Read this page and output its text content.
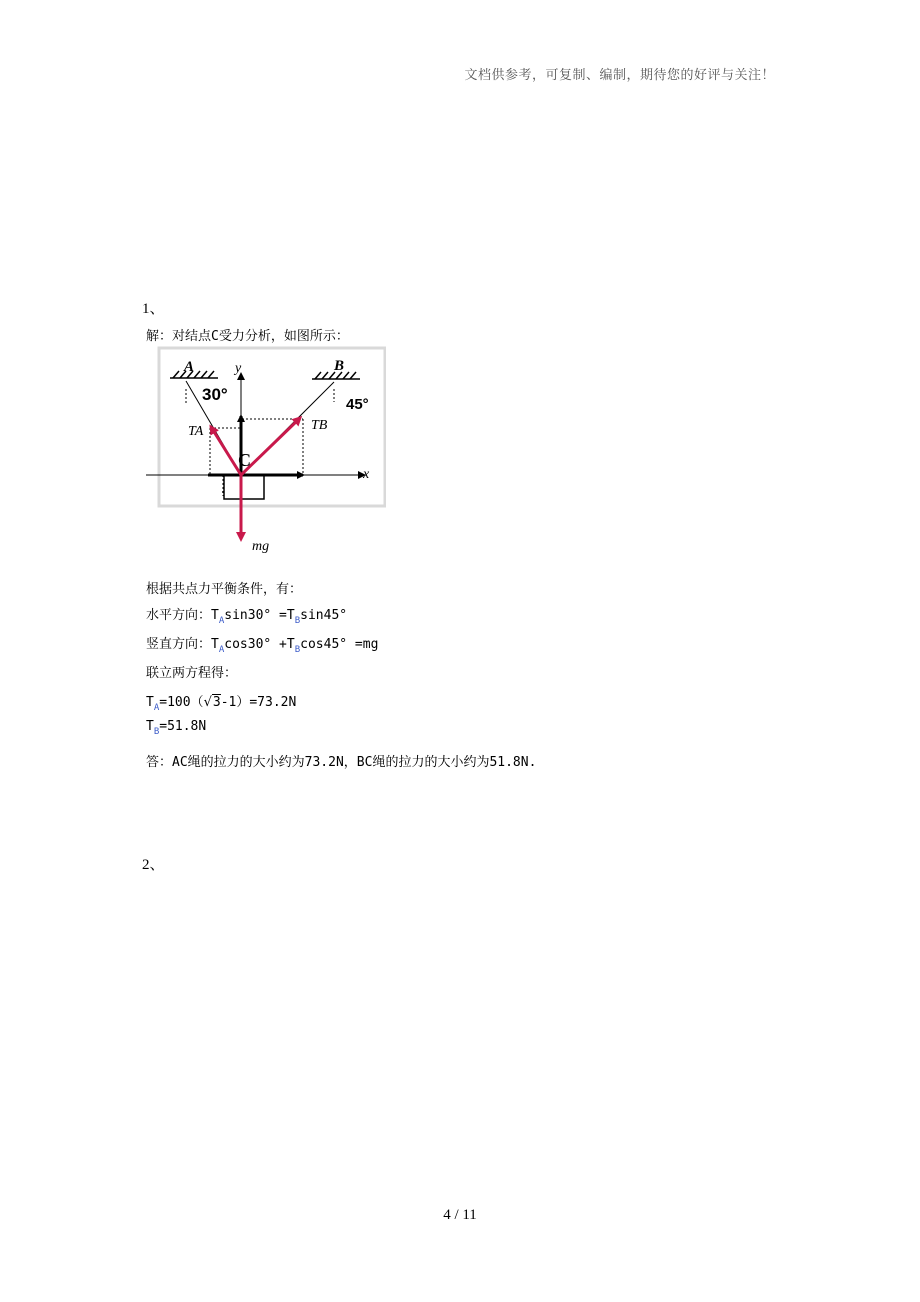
文档供参考，可复制、编制，期待您的好评与关注！
1、
解：对结点C受力分析，如图所示：
A	B
30°
45°
y
x
TA	TB
C
mg
根据共点力平衡条件，有：
水平方向：$T_A\sin 30^\circ =T_B\sin 45^\circ$
竖直方向：$T_A\cos 30^\circ +T_B\cos 45^\circ =mg$
联立两方程得：
$T_A=100(√3-1)=73.2N$
$T_B=51.8N$
答：AC绳的拉力的大小约为73.2N，BC绳的拉力的大小约为51.8N.
2、
4 / 11
